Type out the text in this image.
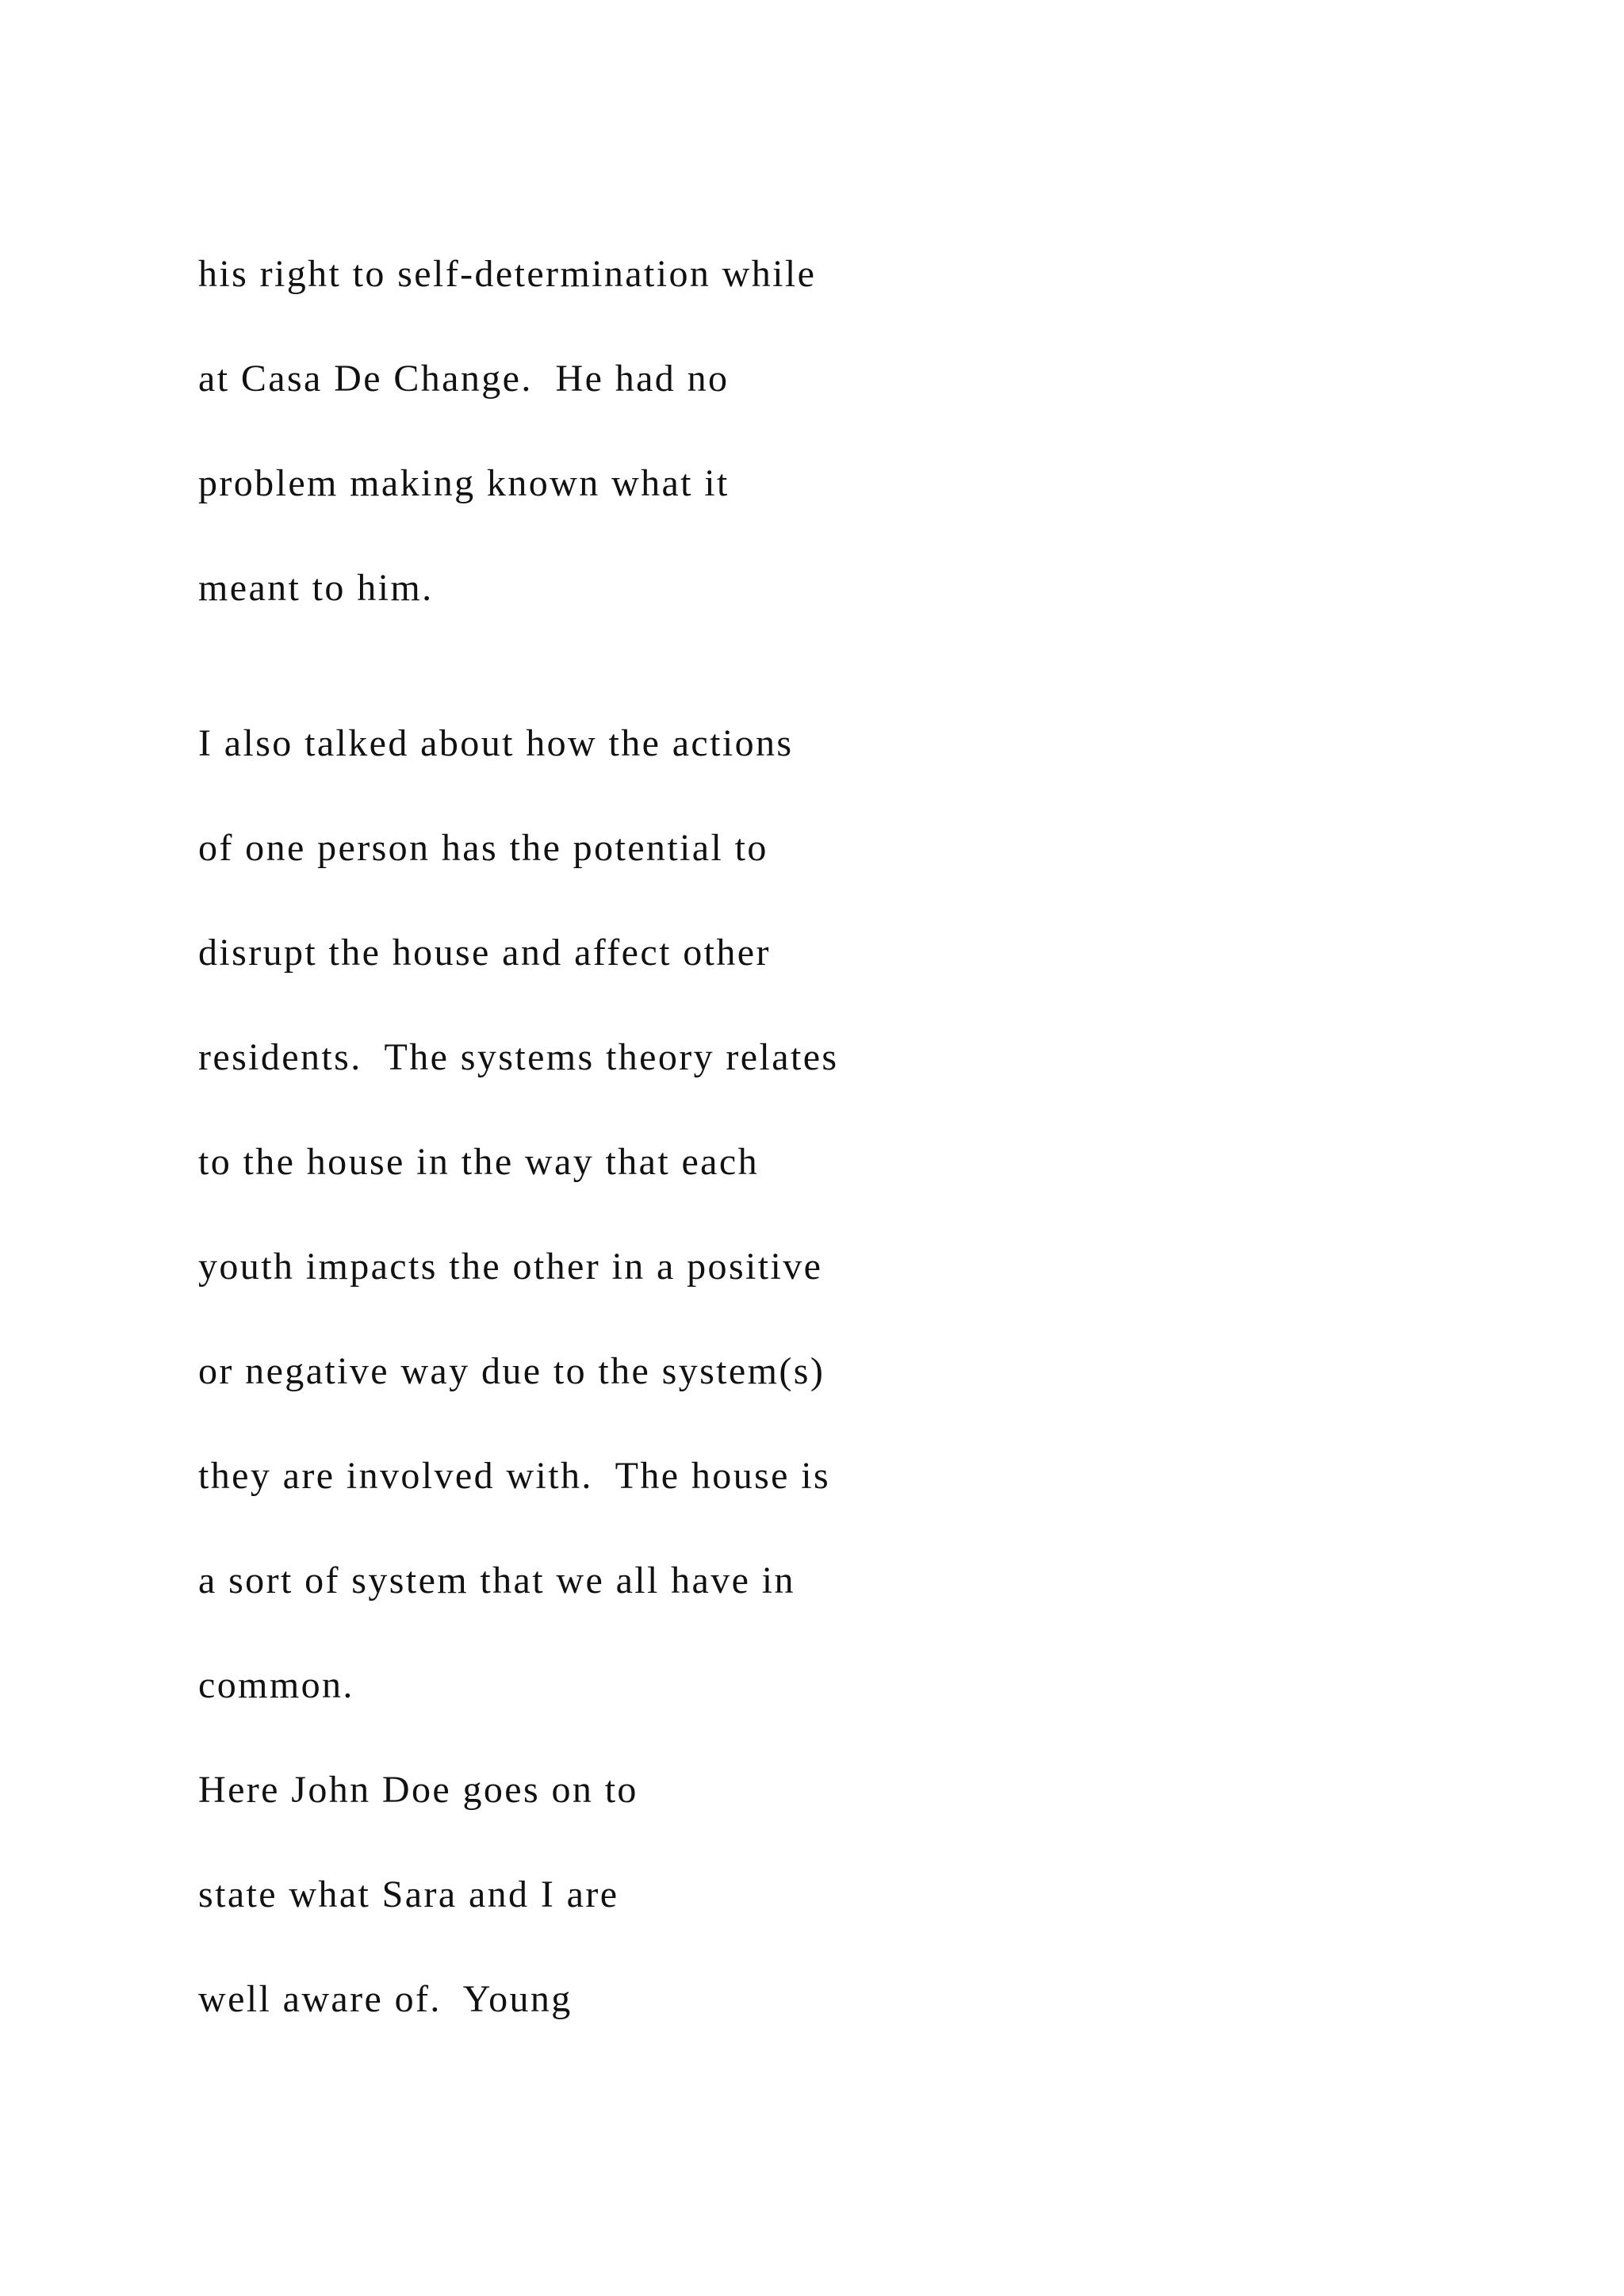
his right to self-determination while

at Casa De Change.  He had no

problem making known what it

meant to him.

I also talked about how the actions

of one person has the potential to

disrupt the house and affect other

residents.  The systems theory relates

to the house in the way that each

youth impacts the other in a positive

or negative way due to the system(s)

they are involved with.  The house is

a sort of system that we all have in

common.

Here John Doe goes on to

state what Sara and I are

well aware of.  Young
